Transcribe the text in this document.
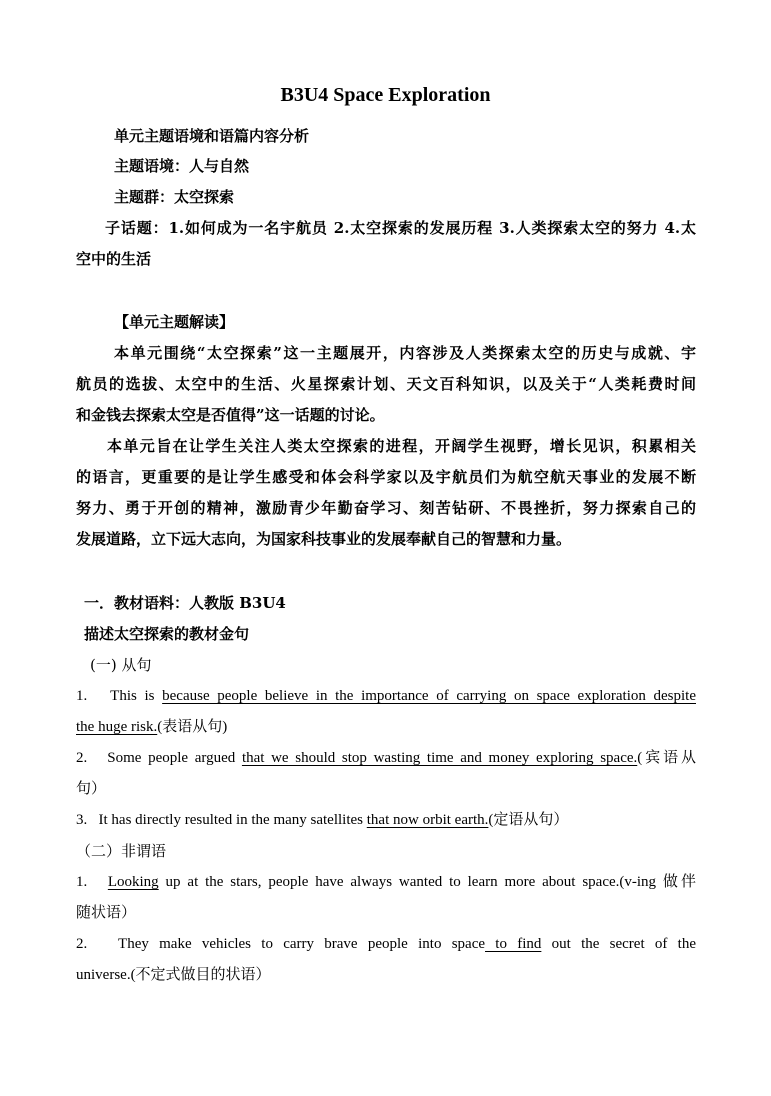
B3U4 Space Exploration
单元主题语境和语篇内容分析
主题语境：人与自然
主题群：太空探索
子话题：1.如何成为一名宇航员 2.太空探索的发展历程 3.人类探索太空的努力 4.太
空中的生活
【单元主题解读】
本单元围绕“太空探索”这一主题展开，内容涉及人类探索太空的历史与成就、宇
航员的选拔、太空中的生活、火星探索计划、天文百科知识，以及关于“人类耗费时间
和金钱去探索太空是否值得”这一话题的讨论。
本单元旨在让学生关注人类太空探索的进程，开阔学生视野，增长见识，积累相关
的语言，更重要的是让学生感受和体会科学家以及宇航员们为航空航天事业的发展不断
努力、勇于开创的精神，激励青少年勤奋学习、刻苦钻研、不畏挫折，努力探索自己的
发展道路，立下远大志向，为国家科技事业的发展奉献自己的智慧和力量。
一．教材语料：人教版 B3U4
描述太空探索的教材金句
(一) 从句
1. This is because people believe in the importance of carrying on space exploration despite
the huge risk.(表语从句)
2. Some people argued that we should stop wasting time and money exploring space.(宾语从
句）
3. It has directly resulted in the many satellites that now orbit earth.(定语从句）
（二）非谓语
1. Looking up at the stars, people have always wanted to learn more about space.(v-ing 做伴
随状语）
2. They make vehicles to carry brave people into space to find out the secret of the
universe.(不定式做目的状语）
